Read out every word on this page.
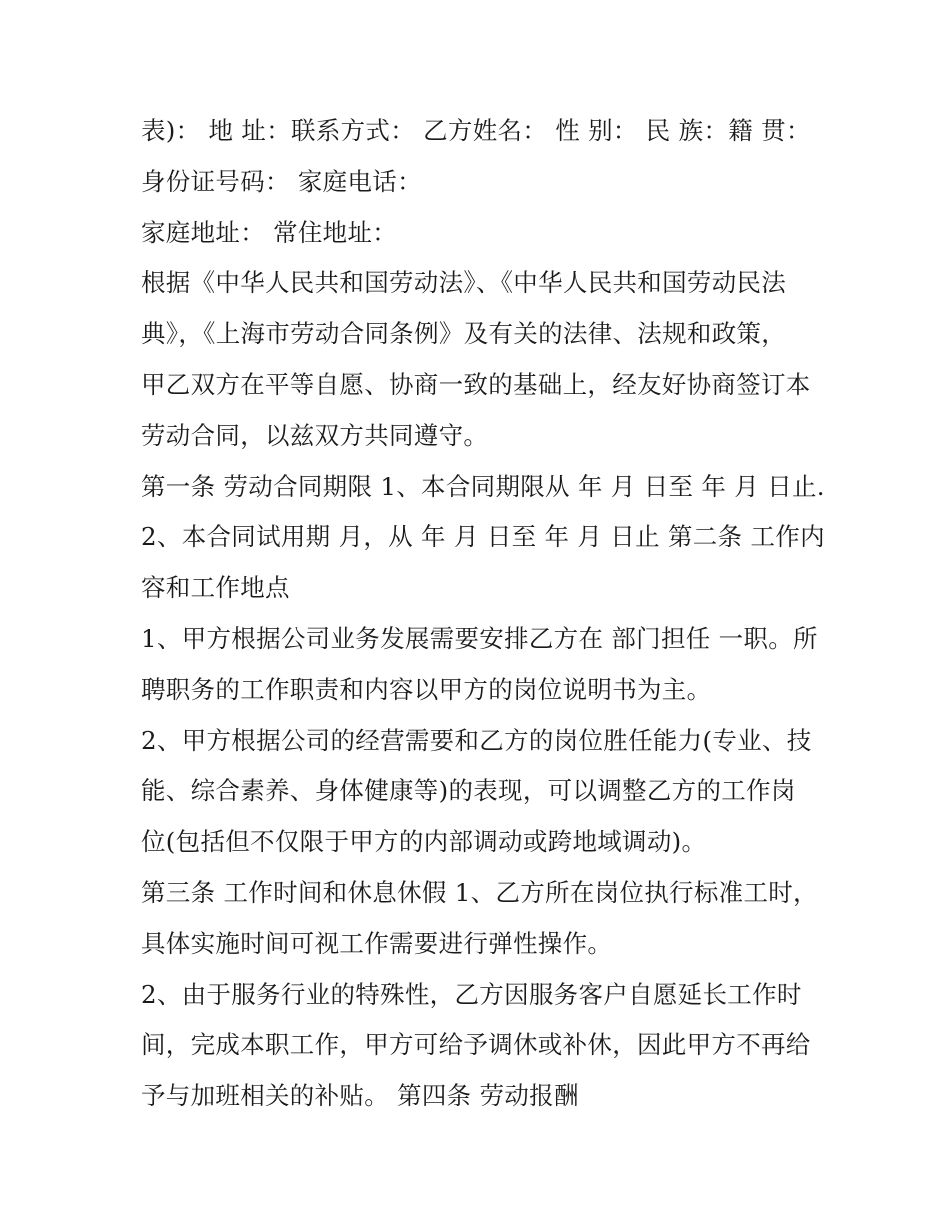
表)： 地 址：联系方式： 乙方姓名： 性 别： 民 族：籍 贯：

身份证号码： 家庭电话：

家庭地址： 常住地址：

根据《中华人民共和国劳动法》、《中华人民共和国劳动民法

典》，《上海市劳动合同条例》及有关的法律、法规和政策，

甲乙双方在平等自愿、协商一致的基础上，经友好协商签订本

劳动合同，以兹双方共同遵守。

第一条 劳动合同期限 1、本合同期限从 年 月 日至 年 月 日止.

2、本合同试用期 月，从 年 月 日至 年 月 日止 第二条 工作内

容和工作地点

1、甲方根据公司业务发展需要安排乙方在 部门担任 一职。所

聘职务的工作职责和内容以甲方的岗位说明书为主。

2、甲方根据公司的经营需要和乙方的岗位胜任能力(专业、技

能、综合素养、身体健康等)的表现，可以调整乙方的工作岗

位(包括但不仅限于甲方的内部调动或跨地域调动)。

第三条 工作时间和休息休假 1、乙方所在岗位执行标准工时，

具体实施时间可视工作需要进行弹性操作。

2、由于服务行业的特殊性，乙方因服务客户自愿延长工作时

间，完成本职工作，甲方可给予调休或补休，因此甲方不再给

予与加班相关的补贴。 第四条 劳动报酬
